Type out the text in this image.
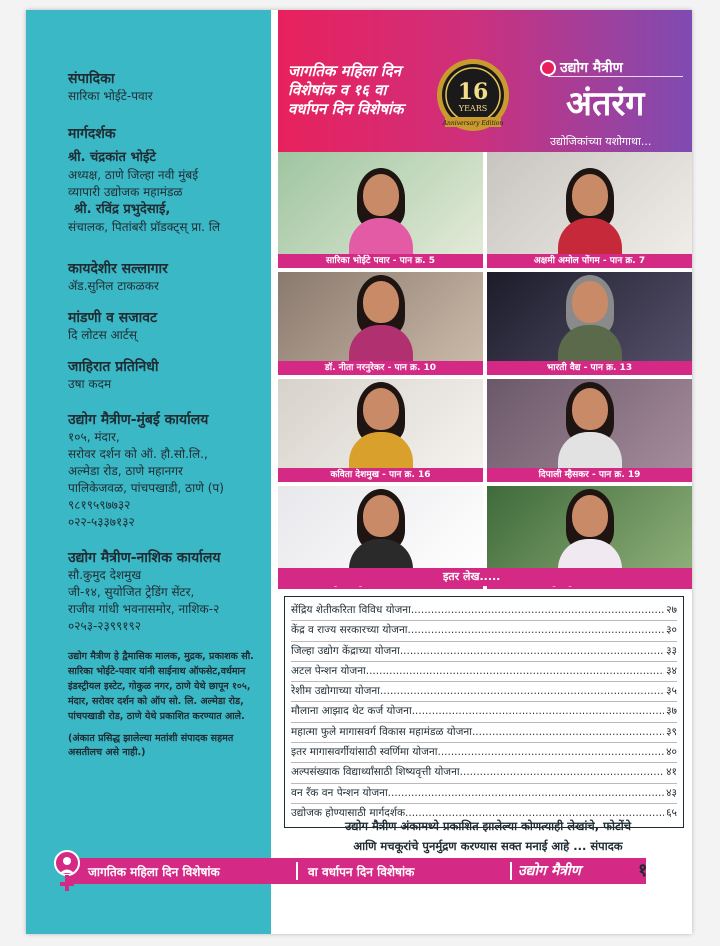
संपादिका
सारिका भोईटे-पवार
मार्गदर्शक
श्री. चंद्रकांत भोईटे
अध्यक्ष, ठाणे जिल्हा नवी मुंबई
व्यापारी उद्योजक महामंडळ
श्री. रविंद्र प्रभुदेसाई,
संचालक, पितांबरी प्रॉडक्ट्स् प्रा. लि
कायदेशीर सल्लागार
ॲड.सुनिल टाकळकर
मांडणी व सजावट
दि लोटस आर्टस्
जाहिरात प्रतिनिधी
उषा कदम
उद्योग मैत्रीण-मुंबई कार्यालय
१०५, मंदार,
सरोवर दर्शन को ऑ. हौ.सो.लि.,
अल्मेडा रोड, ठाणे महानगर
पालिकेजवळ, पांचपखाडी, ठाणे (प)
९८१९५९७७३२
०२२-५३३७१३२
उद्योग मैत्रीण-नाशिक कार्यालय
सौ.कुमुद देशमुख
जी-१४, सुयोजित ट्रेडिंग सेंटर,
राजीव गांधी भवनासमोर, नाशिक-२
०२५३-२३९९१९२
उद्योग मैत्रीण हे द्वैमासिक मालक, मुद्रक, प्रकाशक सौ. सारिका भोईटे-पवार यांनी साईनाथ ऑफसेट,वर्धमान इंडस्ट्रीयल इस्टेट, गोकुळ नगर, ठाणे येथे छापून १०५, मंदार, सरोवर दर्शन को ऑप सो. लि. अल्मेडा रोड, पांचपखाडी रोड, ठाणे येथे प्रकाशित करण्यात आले.
(अंकात प्रसिद्ध झालेल्या मतांशी संपादक सहमत असतीलच असे नाही.)
जागतिक महिला दिन विशेषांक व १६ वा वर्धापन दिन विशेषांक
16
YEARS
Anniversary Edition
उद्योग मैत्रीण
अंतरंग
उद्योजिकांच्या यशोगाथा...
सारिका भोईटे पवार - पान क्र. 5	अक्षमी अमोल पोंगम - पान क्र. 7
डॉ. नीता नरनुरेकर - पान क्र. 10	भारती वैद्य - पान क्र. 13
कविता देशमुख - पान क्र. 16	दिपाली म्हैसकर - पान क्र. 19
इतर लेख.....
सेंद्रिय शेतीकरिता विविध योजना .....	२७
केंद्र व राज्य सरकारच्या योजना .....	३०
जिल्हा उद्योग केंद्राच्या योजना .....	३३
अटल पेन्शन योजना .....	३४
रेशीम उद्योगाच्या योजना .....	३५
मौलाना आझाद थेट कर्ज योजना .....	३७
महात्मा फुले मागासवर्ग विकास महामंडळ योजना .....	३९
इतर मागासवर्गीयांसाठी स्वर्णिमा योजना .....	४०
अल्पसंख्याक विद्यार्थ्यांसाठी शिष्यवृत्ती योजना .....	४१
वन रँक वन पेन्शन योजना .....	४३
उद्योजक होण्यासाठी मार्गदर्शक .....	६५
उद्योग मैत्रीण अंकामध्ये प्रकाशित झालेल्या कोणत्याही लेखांचे, फोटोंचे
आणि मचकूरांचे पुनर्मुद्रण करण्यास सक्त मनाई आहे ... संपादक
जागतिक महिला दिन विशेषांक	वा वर्धापन दिन विशेषांक	उद्योग मैत्रीण	१
